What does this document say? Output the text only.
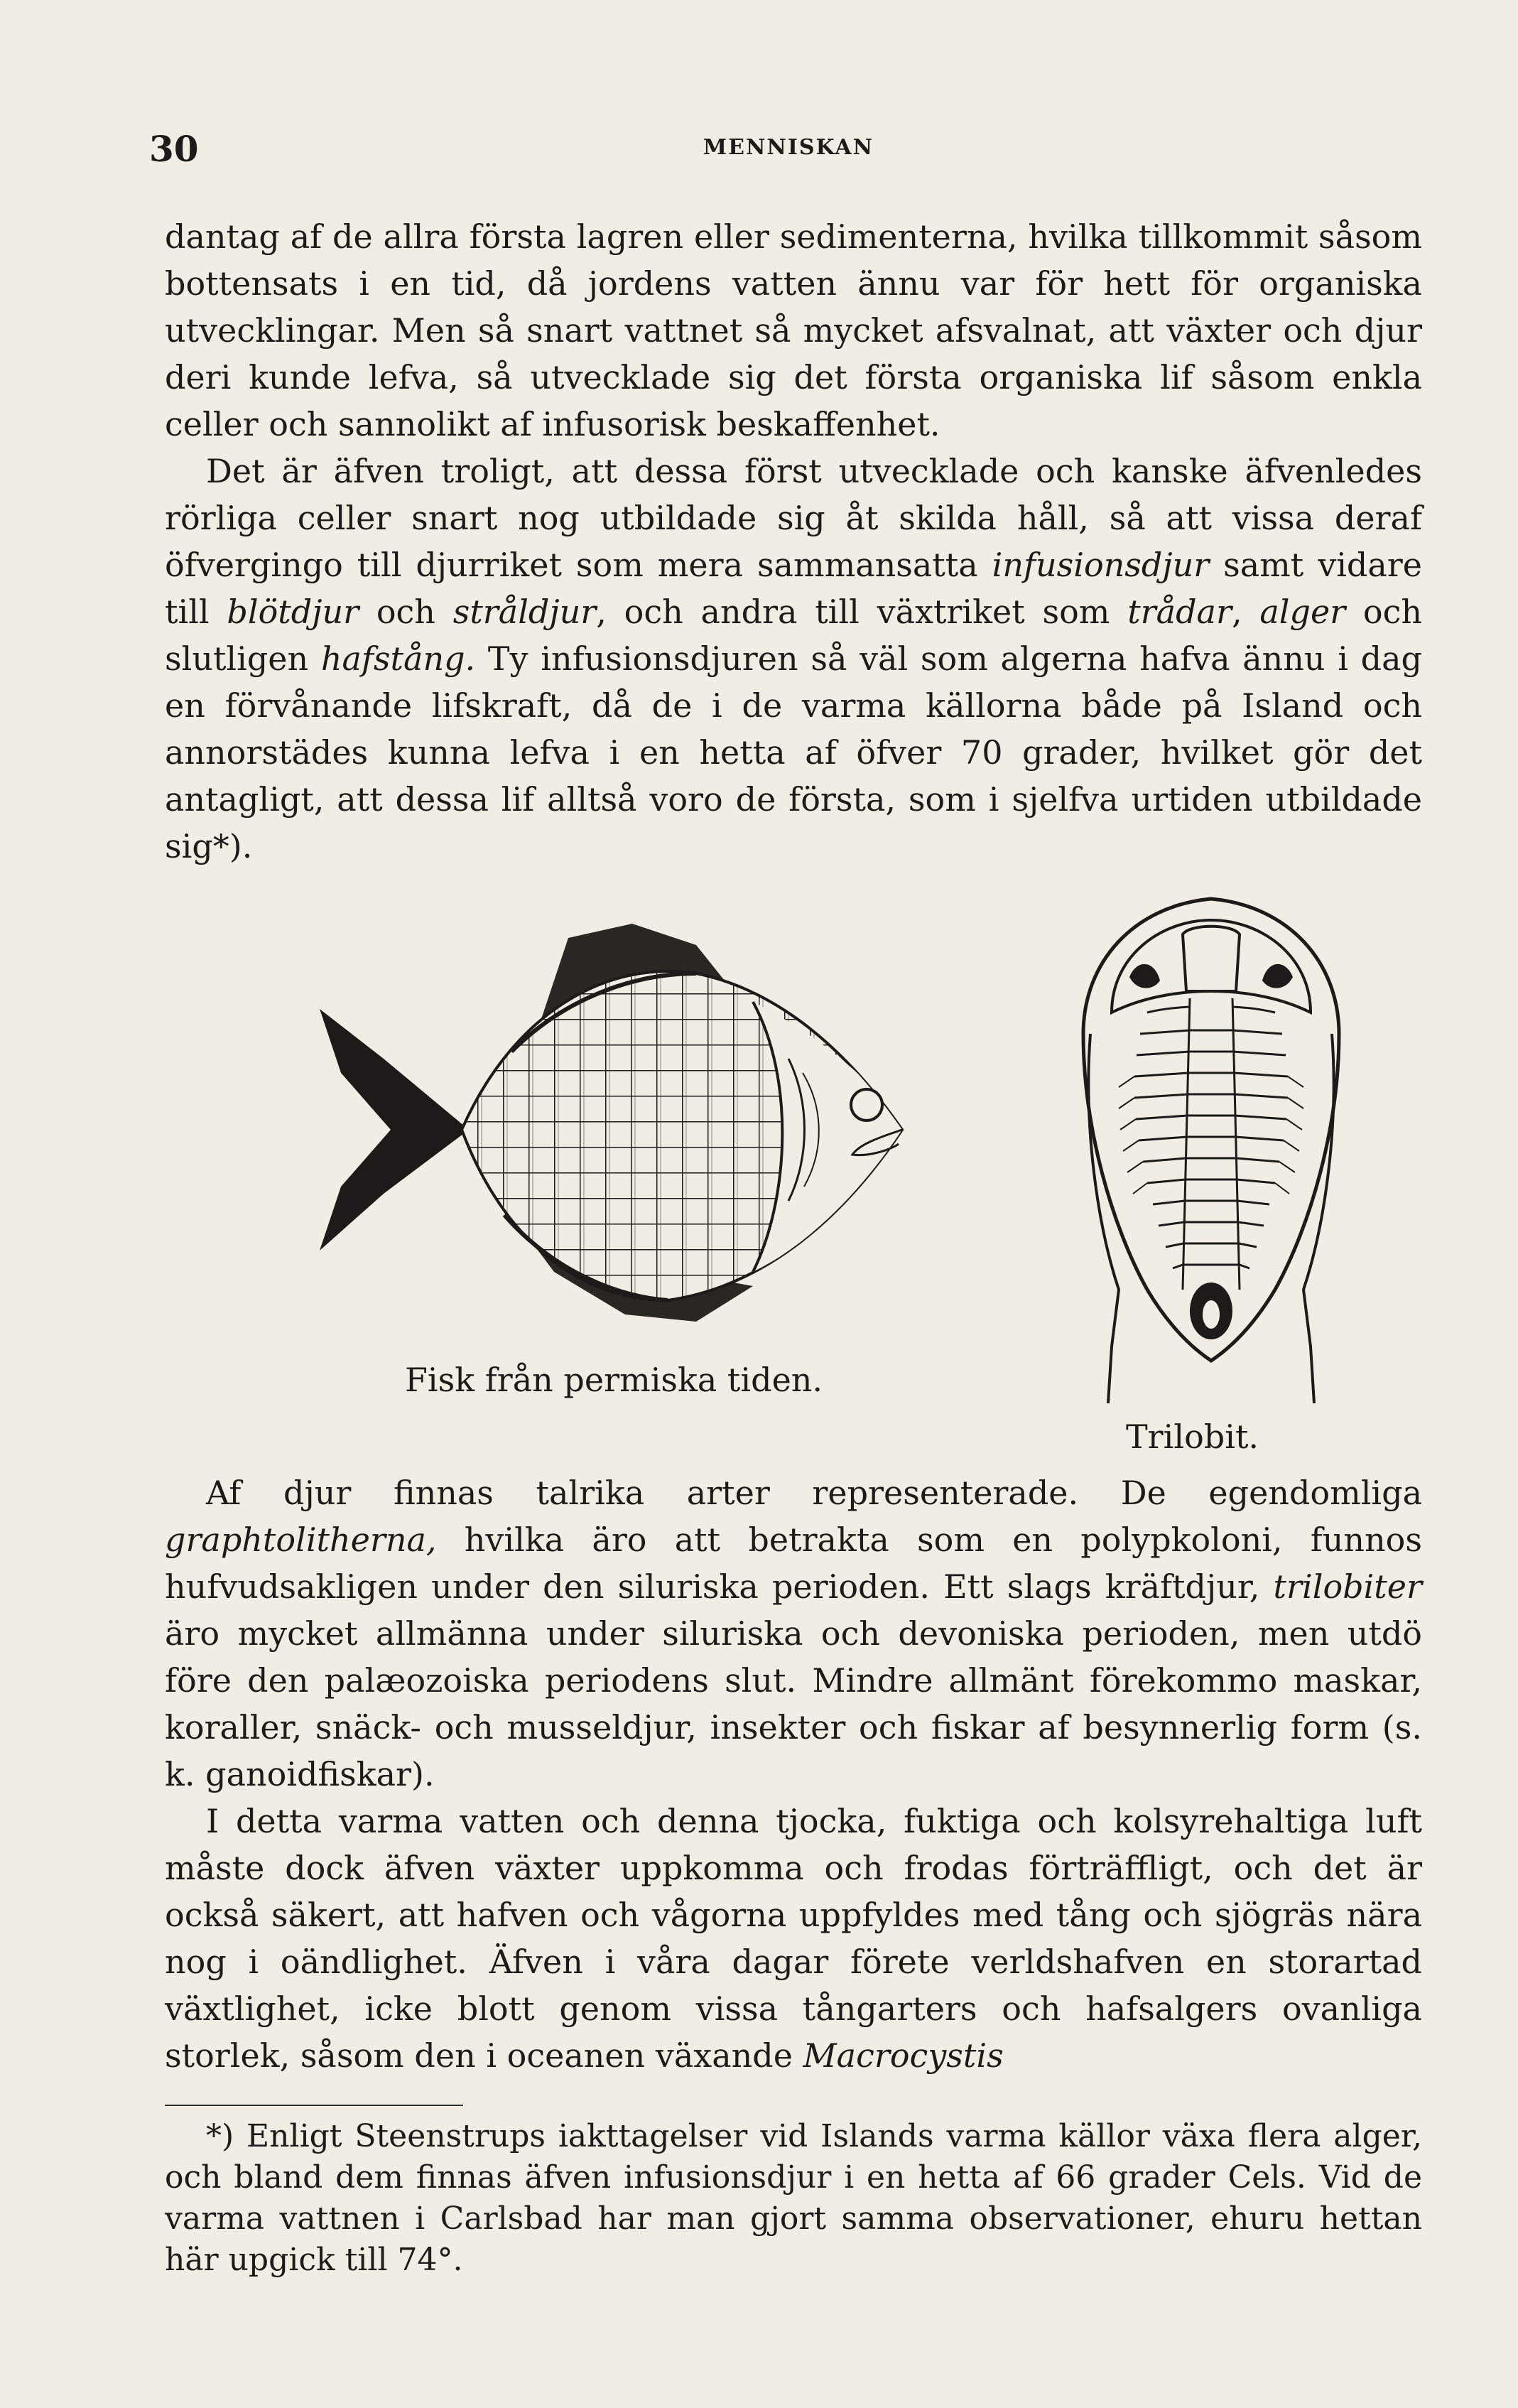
30	MENNISKAN

dantag af de allra första lagren eller sedimenterna, hvilka tillkommit såsom bottensats i en tid, då jordens vatten ännu var för hett för organiska utvecklingar. Men så snart vattnet så mycket afsvalnat, att växter och djur deri kunde lefva, så utvecklade sig det första organiska lif såsom enkla celler och sannolikt af infusorisk beskaffenhet.

Det är äfven troligt, att dessa först utvecklade och kanske äfvenledes rörliga celler snart nog utbildade sig åt skilda håll, så att vissa deraf öfvergingo till djurriket som mera sammansatta infusionsdjur samt vidare till blötdjur och stråldjur, och andra till växtriket som trådar, alger och slutligen hafstång. Ty infusionsdjuren så väl som algerna hafva ännu i dag en förvånande lifskraft, då de i de varma källorna både på Island och annorstädes kunna lefva i en hetta af öfver 70 grader, hvilket gör det antagligt, att dessa lif alltså voro de första, som i sjelfva urtiden utbildade sig*).

Fisk från permiska tiden.
Trilobit.

Af djur finnas talrika arter representerade. De egendomliga graphtolitherna, hvilka äro att betrakta som en polypkoloni, funnos hufvudsakligen under den siluriska perioden. Ett slags kräftdjur, trilobiter äro mycket allmänna under siluriska och devoniska perioden, men utdö före den palæozoiska periodens slut. Mindre allmänt förekommo maskar, koraller, snäck- och musseldjur, insekter och fiskar af besynnerlig form (s. k. ganoidfiskar).

I detta varma vatten och denna tjocka, fuktiga och kolsyrehaltiga luft måste dock äfven växter uppkomma och frodas förträffligt, och det är också säkert, att hafven och vågorna uppfyldes med tång och sjögräs nära nog i oändlighet. Äfven i våra dagar förete verldshafven en storartad växtlighet, icke blott genom vissa tångarters och hafsalgers ovanliga storlek, såsom den i oceanen växande Macrocystis

*) Enligt Steenstrups iakttagelser vid Islands varma källor växa flera alger, och bland dem finnas äfven infusionsdjur i en hetta af 66 grader Cels. Vid de varma vattnen i Carlsbad har man gjort samma observationer, ehuru hettan här upgick till 74°.
